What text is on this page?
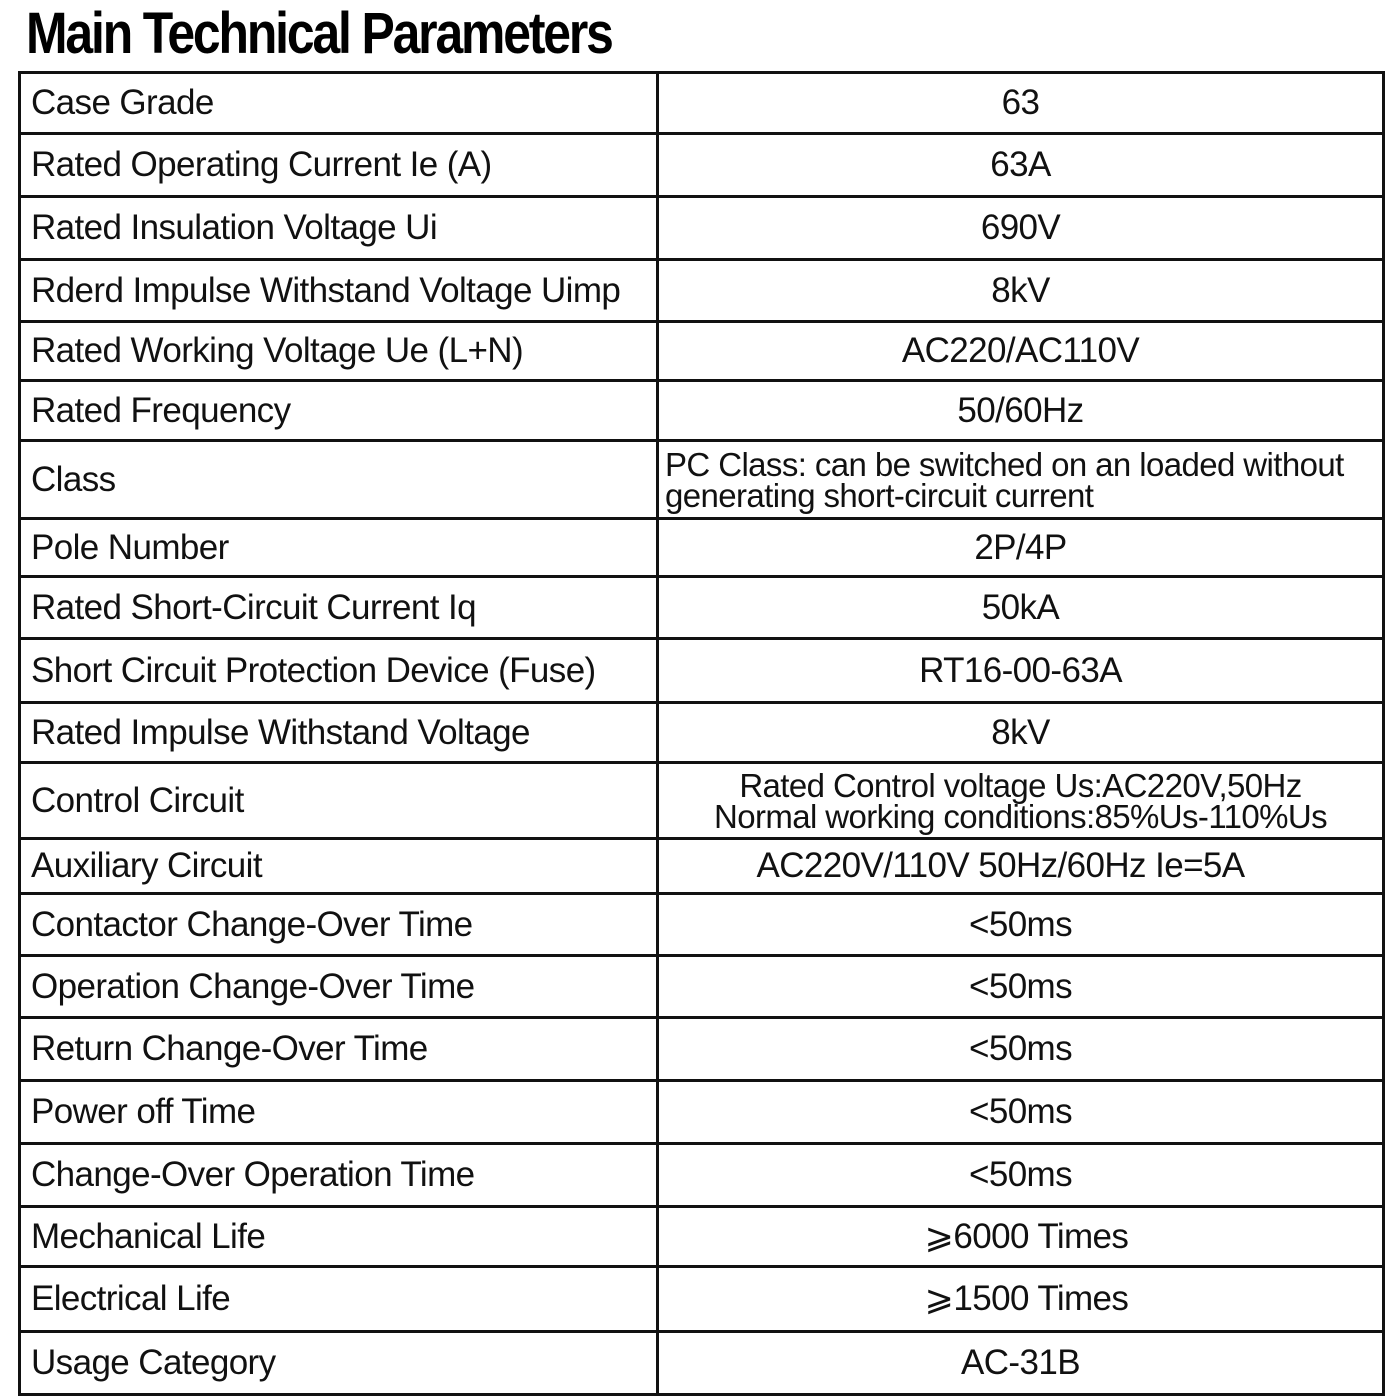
Main Technical Parameters
Case Grade	63
Rated Operating Current Ie (A)	63A
Rated Insulation Voltage Ui	690V
Rderd Impulse Withstand Voltage Uimp	8kV
Rated Working Voltage Ue (L+N)	AC220/AC110V
Rated Frequency	50/60Hz
Class	PC Class: can be switched on an loaded without
generating short-circuit current

Pole Number	2P/4P
Rated Short-Circuit Current Iq	50kA
Short Circuit Protection Device (Fuse)	RT16-00-63A
Rated Impulse Withstand Voltage	8kV
Control Circuit	Rated Control voltage Us:AC220V,50Hz
Normal working conditions:85%Us-110%Us

Auxiliary Circuit	AC220V/110V 50Hz/60Hz Ie=5A
Contactor Change-Over Time	<50ms
Operation Change-Over Time	<50ms
Return Change-Over Time	<50ms
Power off Time	<50ms
Change-Over Operation Time	<50ms
Mechanical Life	⩾6000 Times
Electrical Life	⩾1500 Times
Usage Category	AC-31B
